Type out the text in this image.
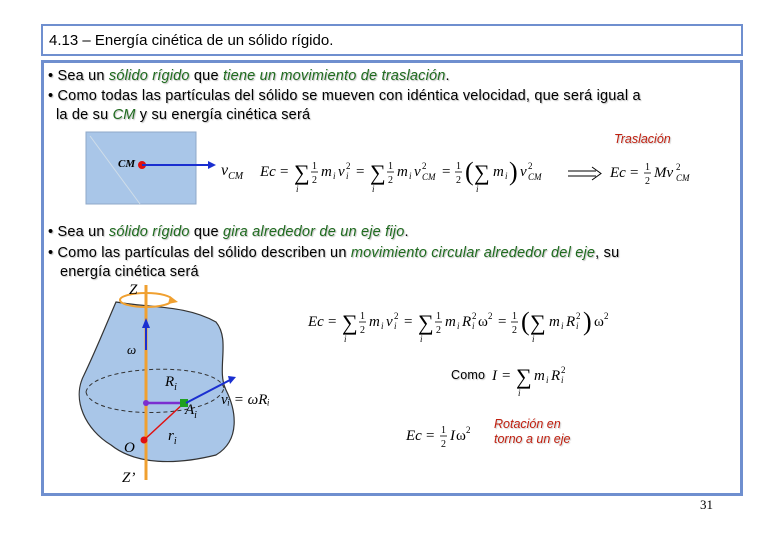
4.13 – Energía cinética de un sólido rígido.
• Sea un sólido rígido que tiene un movimiento de traslación.
• Como todas las partículas del sólido se mueven con idéntica velocidad, que será igual a
la de su CM y su energía cinética será
Traslación
CM	$v_{CM}$ Ec = ∑
i
1
2
m i v i
2 = ∑
i
1
2
m i v 2
CM = 1
2 ( ∑
i
m i ) v 2
CM	Ec = 1
2
Mv 2
CM
• Sea un sólido rígido que gira alrededor de un eje fijo.
• Como las partículas del sólido describen un movimiento circular alrededor del eje, su
energía cinética será
Z
Z’
O
ω
$R_i$
$A_i$
$r_i$
vᵢ = ωRᵢ
Ec = ∑
i
1
2
m i v i
2 = ∑
i
1
2
m i R i
2 ω 2 = 1
2 ( ∑
i
m i R i
2 ) ω 2
Como I = ∑
i
m i R i
2
Ec = 1
2
I ω 2 Rotación en
torno a un eje
31
